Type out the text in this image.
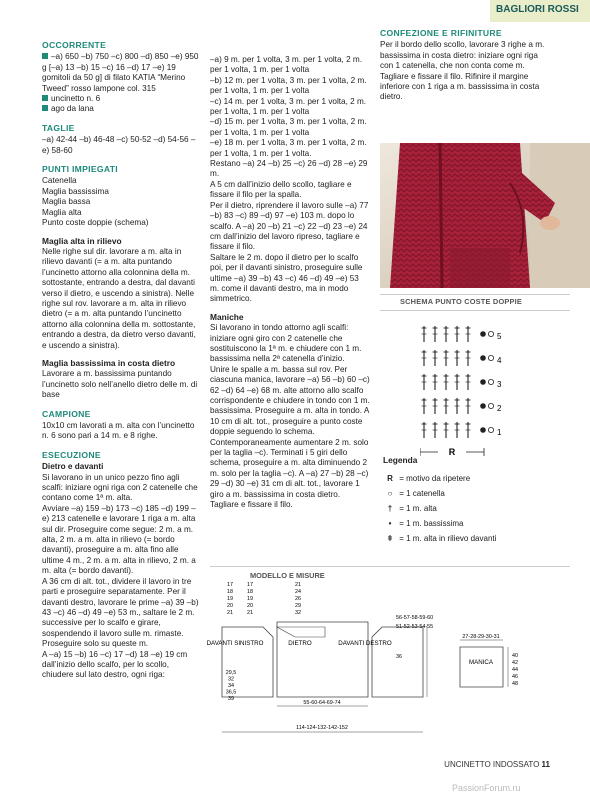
BAGLIORI ROSSI
OCCORRENTE

–a) 650 –b) 750 –c) 800 –d) 850 –e) 950 g [–a) 13 –b) 15 –c) 16 –d) 17 –e) 19 gomitoli da 50 g] di filato KATIA “Merino Tweed” rosso lampone col. 315

uncinetto n. 6

ago da lana

TAGLIE

–a) 42-44 –b) 46-48 –c) 50-52 –d) 54-56 –e) 58-60

PUNTI IMPIEGATI

Catenella

Maglia bassissima

Maglia bassa

Maglia alta

Punto coste doppie (schema)

Maglia alta in rilievo

Nelle righe sul dir. lavorare a m. alta in rilievo davanti (= a m. alta puntando l’uncinetto attorno alla colonnina della m. sottostante, entrando a destra, dal davanti verso il dietro, e uscendo a sinistra). Nelle righe sul rov. lavorare a m. alta in rilievo dietro (= a m. alta puntando l’uncinetto attorno alla colonnina della m. sottostante, entrando a destra, da dietro verso davanti, e uscendo a sinistra).

Maglia bassissima in costa dietro

Lavorare a m. bassissima puntando l’uncinetto solo nell’anello dietro delle m. di base

CAMPIONE

10x10 cm lavorati a m. alta con l’uncinetto n. 6 sono pari a 14 m. e 8 righe.

ESECUZIONE
Dietro e davanti

Si lavorano in un unico pezzo fino agli scalfi: iniziare ogni riga con 2 catenelle che contano come 1ª m. alta.

Avviare –a) 159 –b) 173 –c) 185 –d) 199 –e) 213 catenelle e lavorare 1 riga a m. alta sul dir. Proseguire come segue: 2 m. a m. alta, 2 m. a m. alta in rilievo (= bordo davanti), proseguire a m. alta fino alle ultime 4 m., 2 m. a m. alta in rilievo, 2 m. a m. alta (= bordo davanti).

A 36 cm di alt. tot., dividere il lavoro in tre parti e proseguire separatamente. Per il davanti destro, lavorare le prime –a) 39 –b) 43 –c) 46 –d) 49 –e) 53 m., saltare le 2 m. successive per lo scalfo e girare, sospendendo il lavoro sulle m. rimaste. Proseguire solo su queste m.

A –a) 15 –b) 16 –c) 17 –d) 18 –e) 19 cm dall’inizio dello scalfo, per lo scollo, chiudere sul lato destro, ogni riga:

–a) 9 m. per 1 volta, 3 m. per 1 volta, 2 m. per 1 volta, 1 m. per 1 volta

–b) 12 m. per 1 volta, 3 m. per 1 volta, 2 m. per 1 volta, 1 m. per 1 volta

–c) 14 m. per 1 volta, 3 m. per 1 volta, 2 m. per 1 volta, 1 m. per 1 volta

–d) 15 m. per 1 volta, 3 m. per 1 volta, 2 m. per 1 volta, 1 m. per 1 volta

–e) 18 m. per 1 volta, 3 m. per 1 volta, 2 m. per 1 volta, 1 m. per 1 volta.

Restano –a) 24 –b) 25 –c) 26 –d) 28 –e) 29 m.

A 5 cm dall’inizio dello scollo, tagliare e fissare il filo per la spalla.

Per il dietro, riprendere il lavoro sulle –a) 77 –b) 83 –c) 89 –d) 97 –e) 103 m. dopo lo scalfo. A –a) 20 –b) 21 –c) 22 –d) 23 –e) 24 cm dall’inizio del lavoro ripreso, tagliare e fissare il filo.

Saltare le 2 m. dopo il dietro per lo scalfo poi, per il davanti sinistro, proseguire sulle ultime –a) 39 –b) 43 –c) 46 –d) 49 –e) 53 m. come il davanti destro, ma in modo simmetrico.

Maniche

Si lavorano in tondo attorno agli scalfi: iniziare ogni giro con 2 catenelle che sostituiscono la 1ª m. e chiudere con 1 m. bassissima nella 2ª catenella d’inizio.

Unire le spalle a m. bassa sul rov. Per ciascuna manica, lavorare –a) 56 –b) 60 –c) 62 –d) 64 –e) 68 m. alte attorno allo scalfo corrispondente e chiudere in tondo con 1 m. bassissima. Proseguire a m. alta in tondo. A 10 cm di alt. tot., proseguire a punto coste doppie seguendo lo schema. Contemporaneamente aumentare 2 m. solo per la taglia –c). Terminati i 5 giri dello schema, proseguire a m. alta diminuendo 2 m. solo per la taglia –c). A –a) 27 –b) 28 –c) 29 –d) 30 –e) 31 cm di alt. tot., lavorare 1 giro a m. bassissima in costa dietro. Tagliare e fissare il filo.

CONFEZIONE E RIFINITURE

Per il bordo dello scollo, lavorare 3 righe a m. bassissima in costa dietro: iniziare ogni riga con 1 catenella, che non conta come m. Tagliare e fissare il filo. Rifinire il margine inferiore con 1 riga a m. bassissima in costa dietro.

SCHEMA PUNTO COSTE DOPPIE
5
4
3
2
1
R
Legenda
R
= motivo da ripetere
○
= 1 catenella
†
= 1 m. alta
•
= 1 m. bassissima
ǂ
= 1 m. alta in rilievo davanti
MODELLO E MISURE
17
18
19
20
21
17
18
19
20
21
21
24
26
29
32
DAVANTI SINISTRO	DIETRO	DAVANTI DESTRO
29,5
32
34
36,5
39
55-60-64-69-74
114-124-132-142-152
56-57-58-59-60
51-52-53-54-55
36
MANICA
27-28-29-30-31
40
42
44
46
48
UNCINETTO INDOSSATO 11
PassionForum.ru
